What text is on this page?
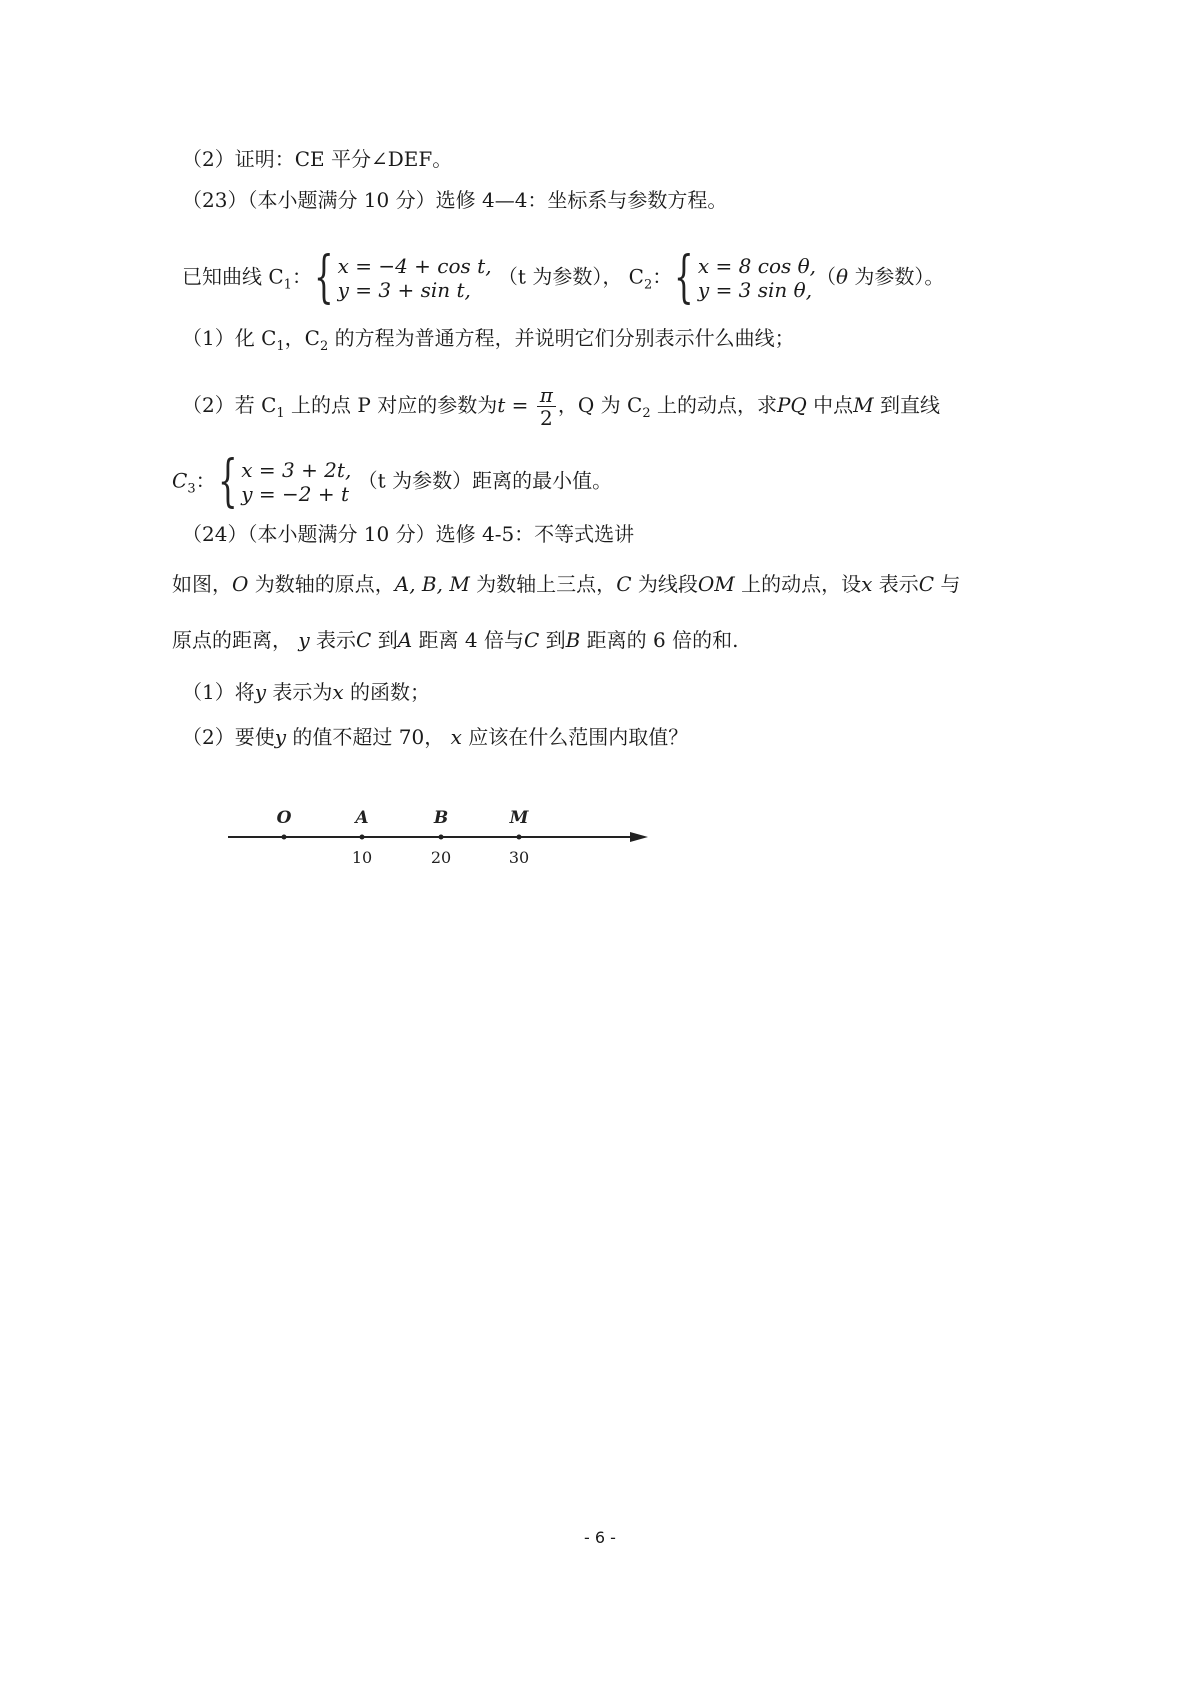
（2）证明：CE 平分∠DEF。
（23）（本小题满分 10 分）选修 4—4：坐标系与参数方程。
已知曲线 $C_1$： { x = −4 + cos t,
y = 3 + sin t,
（t 为参数）， $C_2$： { x = 8 cos θ,
y = 3 sin θ,
（θ 为参数）。
（1）化 $C_1$，$C_2$ 的方程为普通方程，并说明它们分别表示什么曲线；
（2）若 $C_1$ 上的点 P 对应的参数为$t = \frac{\pi}{2}$ ，Q 为 $C_2$ 上的动点，求PQ 中点M 到直线
$C_3$： { x = 3 + 2t,
y = −2 + t
（t 为参数）距离的最小值。
（24）（本小题满分 10 分）选修 4-5：不等式选讲
如图，O 为数轴的原点，A, B, M 为数轴上三点，C 为线段OM 上的动点，设x 表示C 与
原点的距离， y 表示C 到A 距离 4 倍与C 到B 距离的 6 倍的和.
（1）将y 表示为x 的函数；
（2）要使y 的值不超过 70， x 应该在什么范围内取值？
O	A
10
B
20
M
30
- 6 -
